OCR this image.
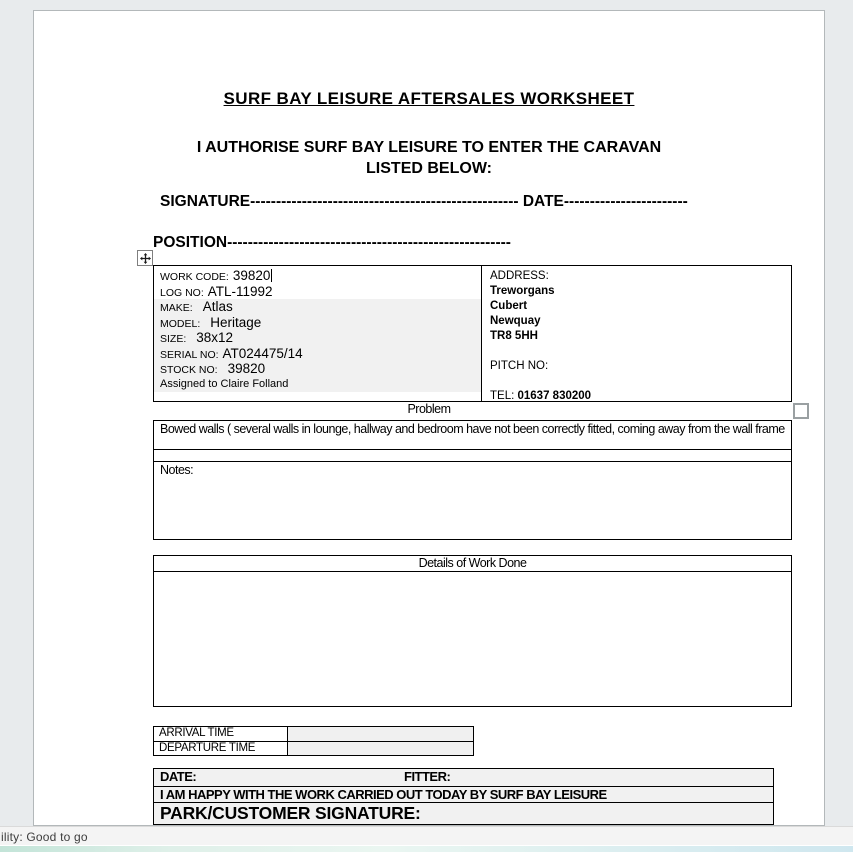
SURF BAY LEISURE AFTERSALES WORKSHEET
I AUTHORISE SURF BAY LEISURE TO ENTER THE CARAVAN
LISTED BELOW:
SIGNATURE---------------------------------------------------- DATE------------------------
POSITION-------------------------------------------------------
WORK CODE: 39820
LOG NO: ATL-11992
MAKE: Atlas
MODEL: Heritage
SIZE: 38x12
SERIAL NO: AT024475/14
STOCK NO: 39820
Assigned to Claire Folland
ADDRESS:
Treworgans
Cubert
Newquay
TR8 5HH
PITCH NO:
TEL: 01637 830200
Problem
Bowed walls ( several walls in lounge, hallway and bedroom have not been correctly fitted, coming away from the wall frame
Notes:
Details of Work Done
ARRIVAL TIME
DEPARTURE TIME
DATE:	FITTER:
I AM HAPPY WITH THE WORK CARRIED OUT TODAY BY SURF BAY LEISURE
PARK/CUSTOMER SIGNATURE:
ility: Good to go
